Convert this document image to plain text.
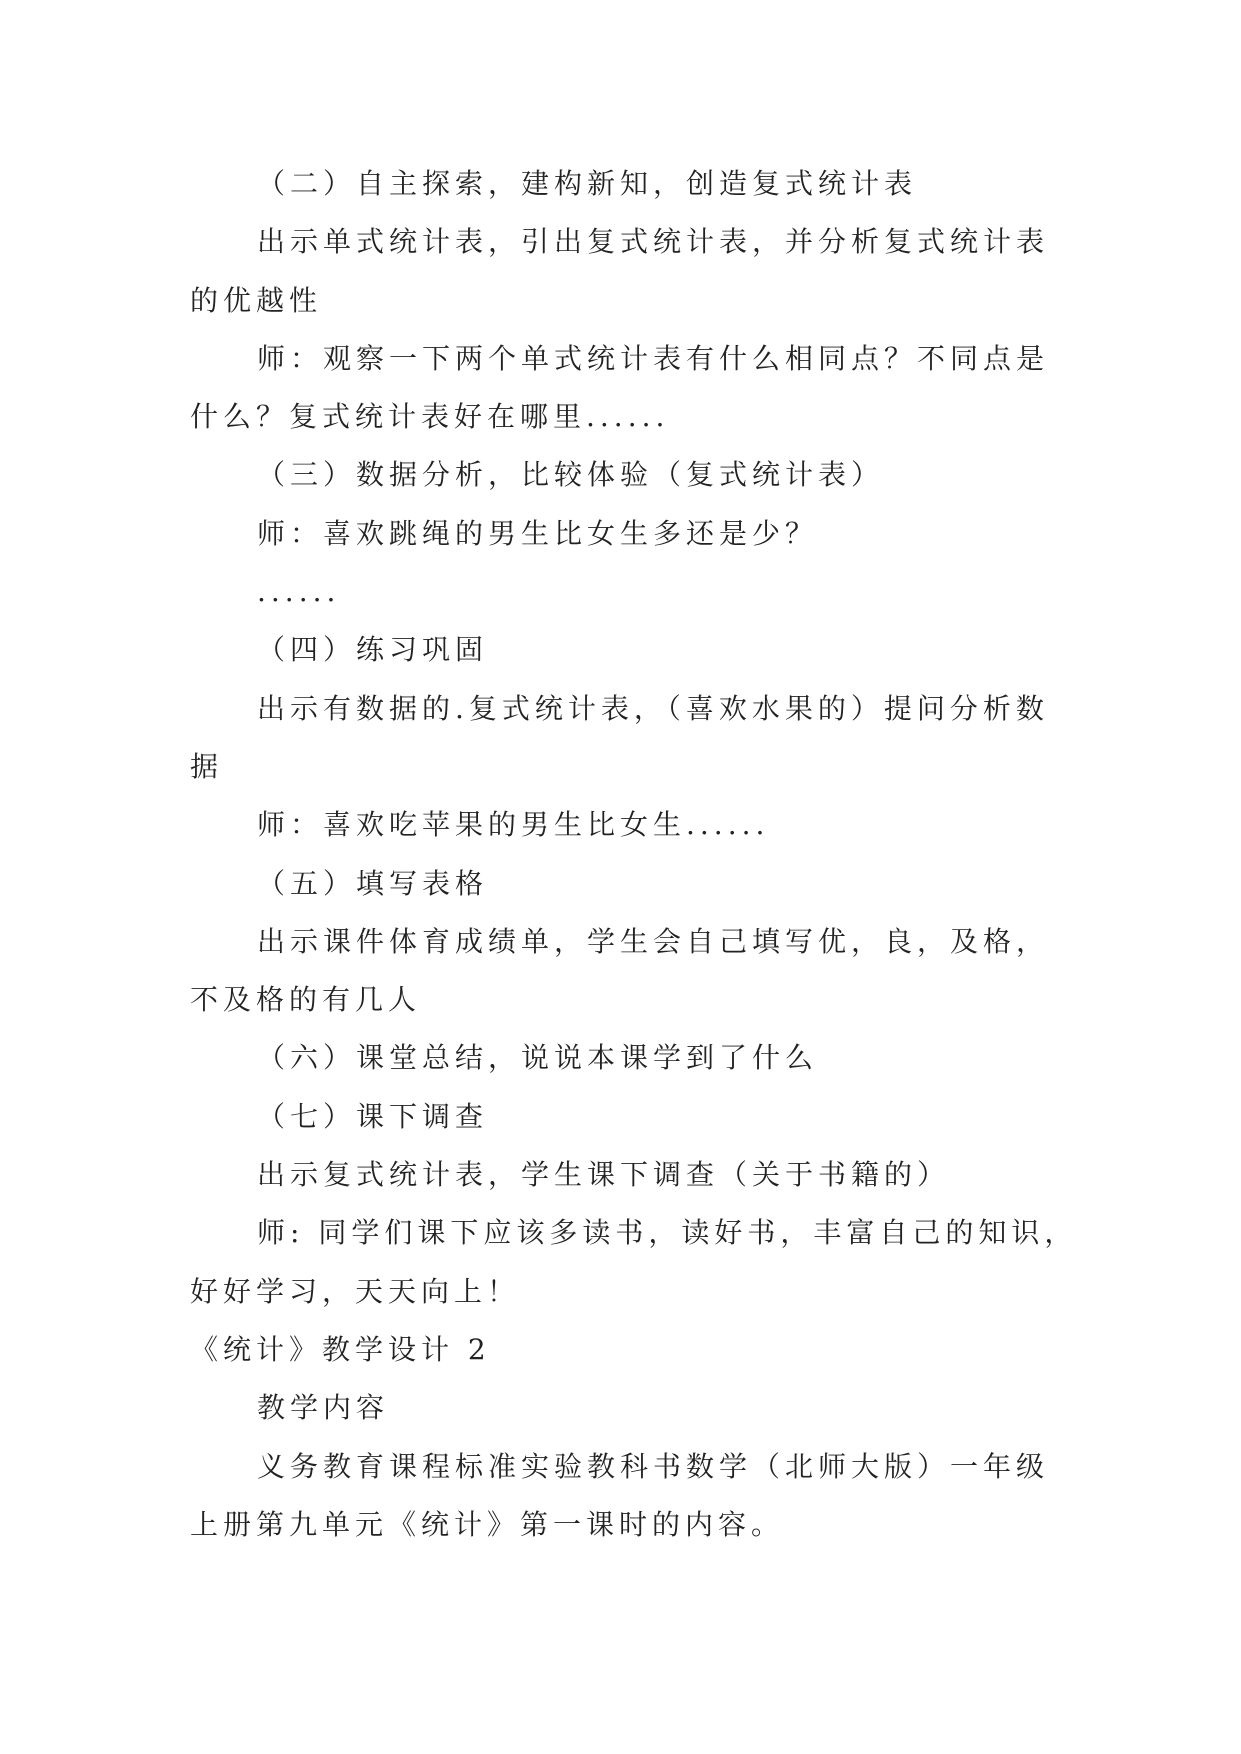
（二）自主探索，建构新知，创造复式统计表
出示单式统计表，引出复式统计表，并分析复式统计表
的优越性
师：观察一下两个单式统计表有什么相同点？不同点是
什么？复式统计表好在哪里......
（三）数据分析，比较体验（复式统计表）
师：喜欢跳绳的男生比女生多还是少？
......
（四）练习巩固
出示有数据的.复式统计表，（喜欢水果的）提问分析数
据
师：喜欢吃苹果的男生比女生......
（五）填写表格
出示课件体育成绩单，学生会自己填写优，良，及格，
不及格的有几人
（六）课堂总结，说说本课学到了什么
（七）课下调查
出示复式统计表，学生课下调查（关于书籍的）
师: 同学们课下应该多读书，读好书，丰富自己的知识，
好好学习，天天向上！
《统计》教学设计 2
教学内容
义务教育课程标准实验教科书数学（北师大版）一年级
上册第九单元《统计》第一课时的内容。
